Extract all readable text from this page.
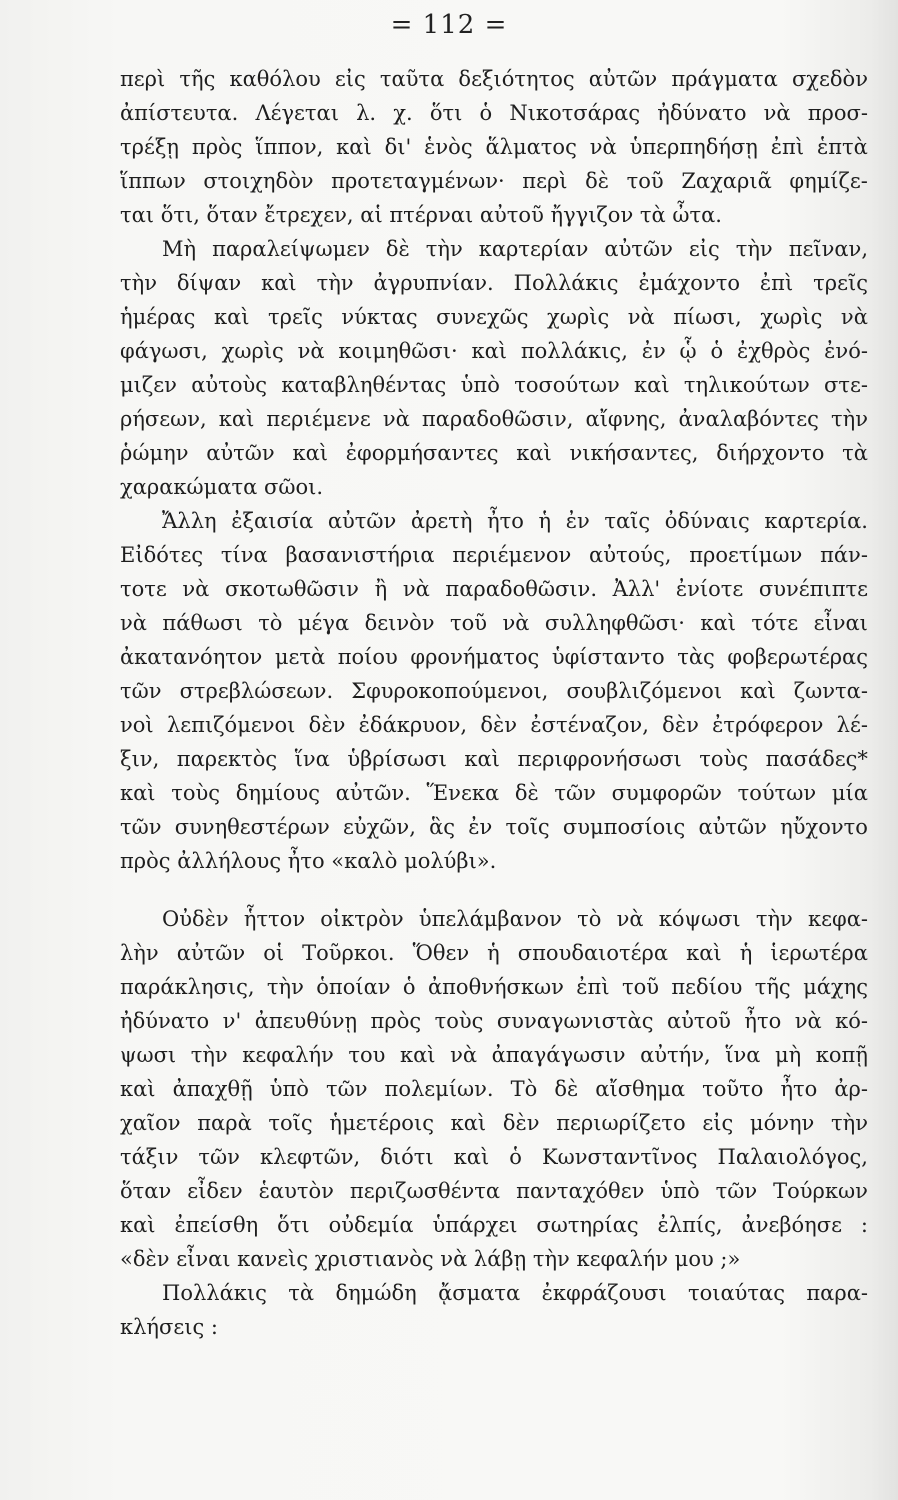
= 112 =
περὶ τῆς καθόλου εἰς ταῦτα δεξιότητος αὐτῶν πράγματα σχεδὸν
ἀπίστευτα. Λέγεται λ. χ. ὅτι ὁ Νικοτσάρας ἠδύνατο νὰ προσ-
τρέξῃ πρὸς ἵππον, καὶ δι' ἑνὸς ἅλματος νὰ ὑπερπηδήσῃ ἐπὶ ἑπτὰ
ἵππων στοιχηδὸν προτεταγμένων· περὶ δὲ τοῦ Ζαχαριᾶ φημίζε-
ται ὅτι, ὅταν ἔτρεχεν, αἱ πτέρναι αὐτοῦ ἤγγιζον τὰ ὦτα.
Μὴ παραλείψωμεν δὲ τὴν καρτερίαν αὐτῶν εἰς τὴν πεῖναν,
τὴν δίψαν καὶ τὴν ἀγρυπνίαν. Πολλάκις ἐμάχοντο ἐπὶ τρεῖς
ἡμέρας καὶ τρεῖς νύκτας συνεχῶς χωρὶς νὰ πίωσι, χωρὶς νὰ
φάγωσι, χωρὶς νὰ κοιμηθῶσι· καὶ πολλάκις, ἐν ᾧ ὁ ἐχθρὸς ἐνό-
μιζεν αὐτοὺς καταβληθέντας ὑπὸ τοσούτων καὶ τηλικούτων στε-
ρήσεων, καὶ περιέμενε νὰ παραδοθῶσιν, αἴφνης, ἀναλαβόντες τὴν
ῥώμην αὐτῶν καὶ ἐφορμήσαντες καὶ νικήσαντες, διήρχοντο τὰ
χαρακώματα σῶοι.
Ἄλλη ἐξαισία αὐτῶν ἀρετὴ ἦτο ἡ ἐν ταῖς ὀδύναις καρτερία.
Εἰδότες τίνα βασανιστήρια περιέμενον αὐτούς, προετίμων πάν-
τοτε νὰ σκοτωθῶσιν ἢ νὰ παραδοθῶσιν. Ἀλλ' ἐνίοτε συνέπιπτε
νὰ πάθωσι τὸ μέγα δεινὸν τοῦ νὰ συλληφθῶσι· καὶ τότε εἶναι
ἀκατανόητον μετὰ ποίου φρονήματος ὑφίσταντο τὰς φοβερωτέρας
τῶν στρεβλώσεων. Σφυροκοπούμενοι, σουβλιζόμενοι καὶ ζωντα-
νοὶ λεπιζόμενοι δὲν ἐδάκρυον, δὲν ἐστέναζον, δὲν ἐτρόφερον λέ-
ξιν, παρεκτὸς ἵνα ὑβρίσωσι καὶ περιφρονήσωσι τοὺς πασάδες*
καὶ τοὺς δημίους αὐτῶν. Ἕνεκα δὲ τῶν συμφορῶν τούτων μία
τῶν συνηθεστέρων εὐχῶν, ἃς ἐν τοῖς συμποσίοις αὐτῶν ηὔχοντο
πρὸς ἀλλήλους ἦτο «καλὸ μολύβι».
Οὐδὲν ἧττον οἰκτρὸν ὑπελάμβανον τὸ νὰ κόψωσι τὴν κεφα-
λὴν αὐτῶν οἱ Τοῦρκοι. Ὅθεν ἡ σπουδαιοτέρα καὶ ἡ ἱερωτέρα
παράκλησις, τὴν ὁποίαν ὁ ἀποθνήσκων ἐπὶ τοῦ πεδίου τῆς μάχης
ἠδύνατο ν' ἀπευθύνῃ πρὸς τοὺς συναγωνιστὰς αὐτοῦ ἦτο νὰ κό-
ψωσι τὴν κεφαλήν του καὶ νὰ ἀπαγάγωσιν αὐτήν, ἵνα μὴ κοπῇ
καὶ ἀπαχθῇ ὑπὸ τῶν πολεμίων. Τὸ δὲ αἴσθημα τοῦτο ἦτο ἀρ-
χαῖον παρὰ τοῖς ἡμετέροις καὶ δὲν περιωρίζετο εἰς μόνην τὴν
τάξιν τῶν κλεφτῶν, διότι καὶ ὁ Κωνσταντῖνος Παλαιολόγος,
ὅταν εἶδεν ἑαυτὸν περιζωσθέντα πανταχόθεν ὑπὸ τῶν Τούρκων
καὶ ἐπείσθη ὅτι οὐδεμία ὑπάρχει σωτηρίας ἐλπίς, ἀνεβόησε :
«δὲν εἶναι κανεὶς χριστιανὸς νὰ λάβῃ τὴν κεφαλήν μου ;»
Πολλάκις τὰ δημώδη ᾄσματα ἐκφράζουσι τοιαύτας παρα-
κλήσεις :
